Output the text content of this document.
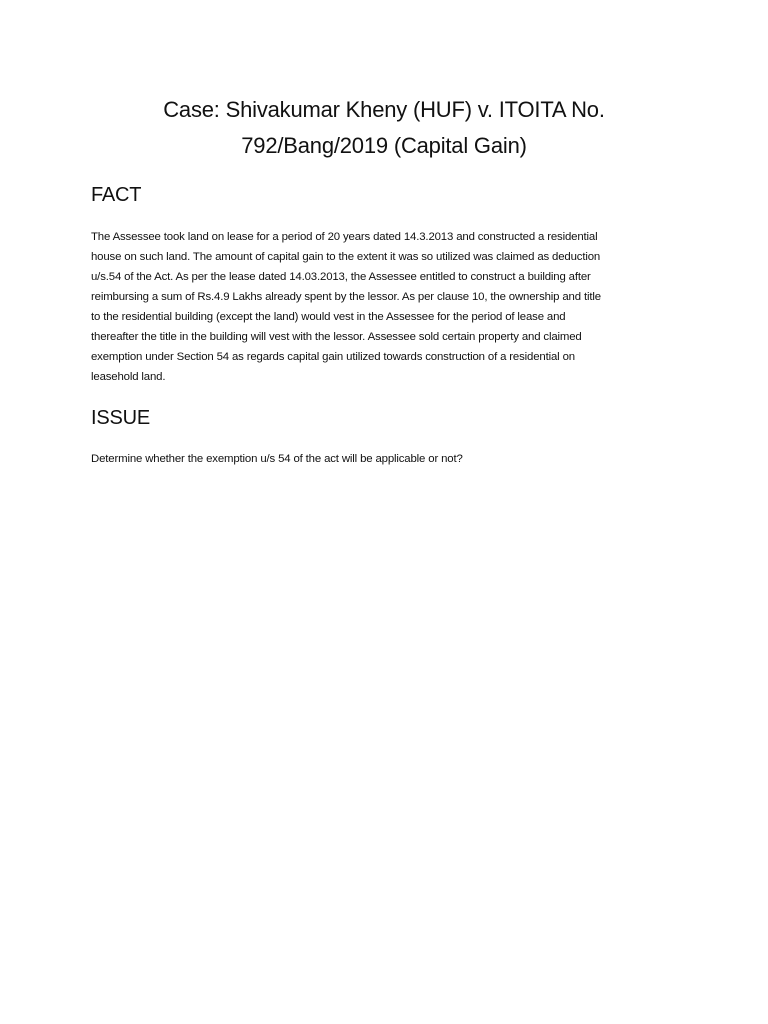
Case: Shivakumar Kheny (HUF) v. ITOITA No.
792/Bang/2019 (Capital Gain)
FACT

The Assessee took land on lease for a period of 20 years dated 14.3.2013 and constructed a residential
house on such land. The amount of capital gain to the extent it was so utilized was claimed as deduction
u/s.54 of the Act. As per the lease dated 14.03.2013, the Assessee entitled to construct a building after
reimbursing a sum of Rs.4.9 Lakhs already spent by the lessor. As per clause 10, the ownership and title
to the residential building (except the land) would vest in the Assessee for the period of lease and
thereafter the title in the building will vest with the lessor. Assessee sold certain property and claimed
exemption under Section 54 as regards capital gain utilized towards construction of a residential on
leasehold land.

ISSUE

Determine whether the exemption u/s 54 of the act will be applicable or not?
